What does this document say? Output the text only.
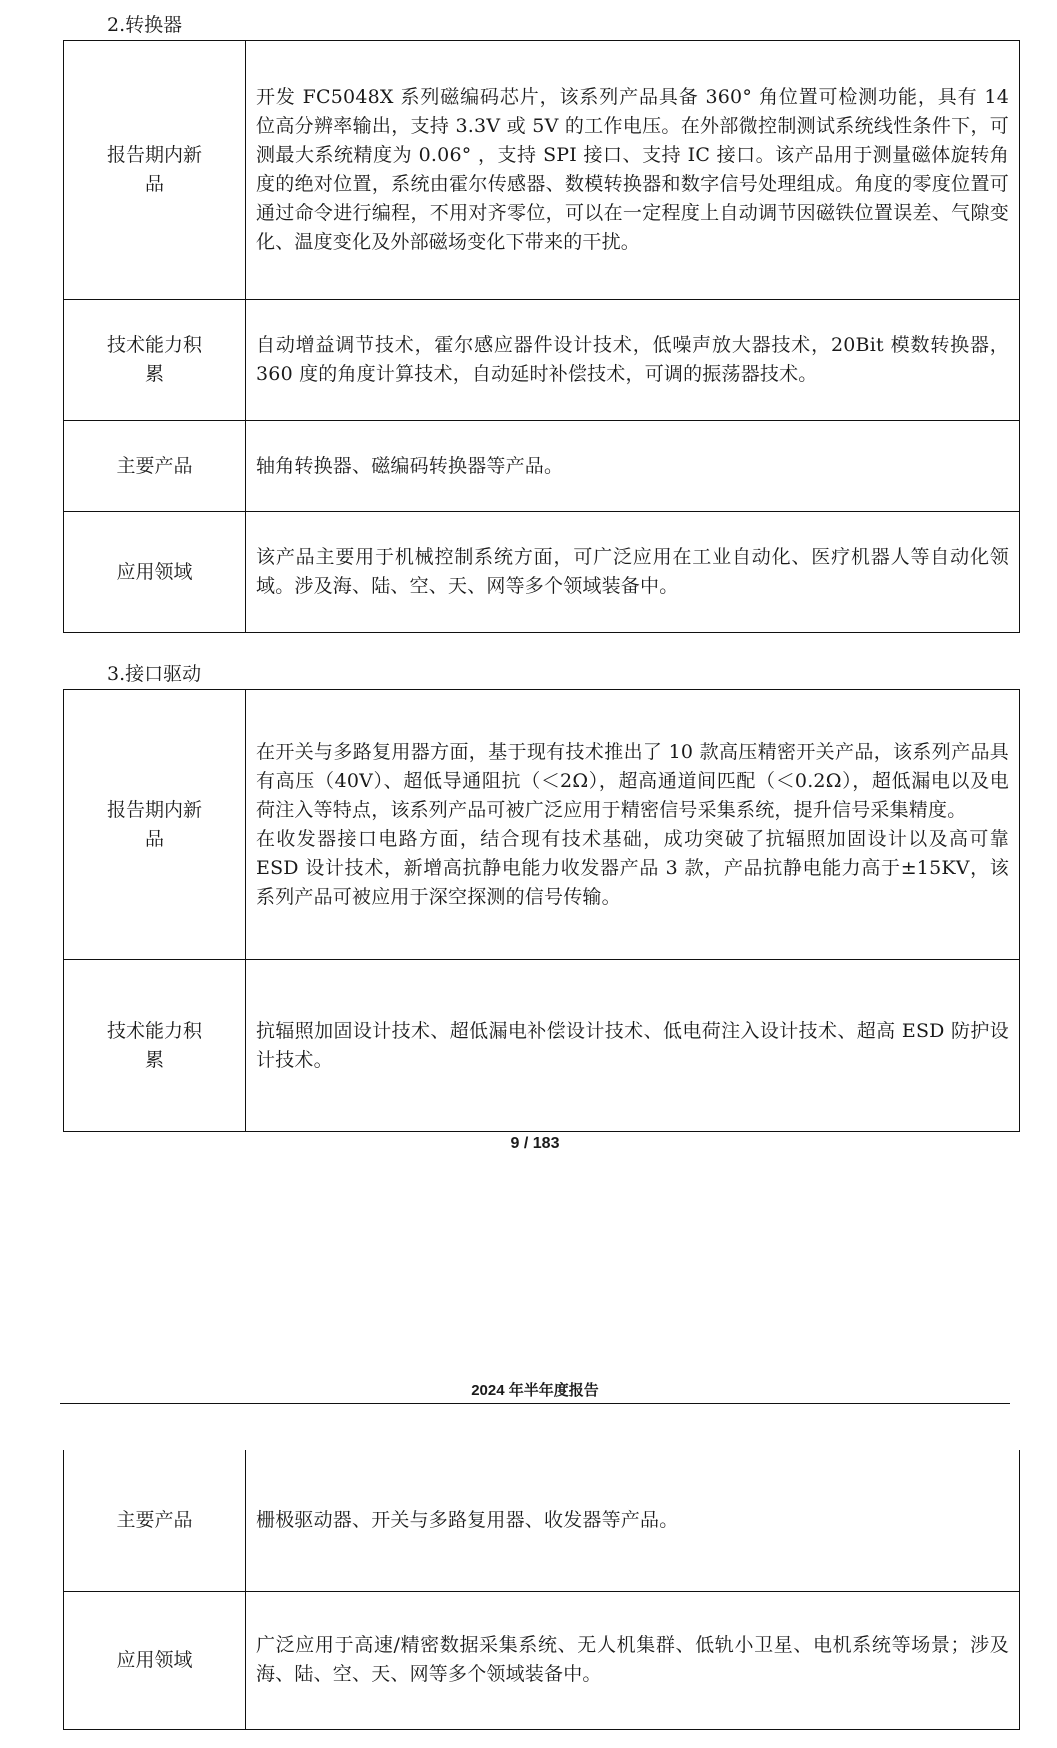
2.转换器
报告期内新品	开发 FC5048X 系列磁编码芯片，该系列产品具备 360° 角位置可检测功能，具有 14 位高分辨率输出，支持 3.3V 或 5V 的工作电压。在外部微控制测试系统线性条件下，可测最大系统精度为 0.06° ，支持 SPI 接口、支持 IC 接口。该产品用于测量磁体旋转角度的绝对位置，系统由霍尔传感器、数模转换器和数字信号处理组成。角度的零度位置可通过命令进行编程，不用对齐零位，可以在一定程度上自动调节因磁铁位置误差、气隙变化、温度变化及外部磁场变化下带来的干扰。

技术能力积累	自动增益调节技术，霍尔感应器件设计技术，低噪声放大器技术，20Bit 模数转换器，360 度的角度计算技术，自动延时补偿技术，可调的振荡器技术。

主要产品	轴角转换器、磁编码转换器等产品。

应用领域	该产品主要用于机械控制系统方面，可广泛应用在工业自动化、医疗机器人等自动化领域。涉及海、陆、空、天、网等多个领域装备中。
3.接口驱动
报告期内新品	在开关与多路复用器方面，基于现有技术推出了 10 款高压精密开关产品，该系列产品具有高压（40V）、超低导通阻抗（＜2Ω），超高通道间匹配（＜0.2Ω），超低漏电以及电荷注入等特点，该系列产品可被广泛应用于精密信号采集系统，提升信号采集精度。
在收发器接口电路方面，结合现有技术基础，成功突破了抗辐照加固设计以及高可靠 ESD 设计技术，新增高抗静电能力收发器产品 3 款，产品抗静电能力高于±15KV，该系列产品可被应用于深空探测的信号传输。

技术能力积累	抗辐照加固设计技术、超低漏电补偿设计技术、低电荷注入设计技术、超高 ESD 防护设计技术。
9 / 183
2024 年半年度报告
主要产品	栅极驱动器、开关与多路复用器、收发器等产品。

应用领域	广泛应用于高速/精密数据采集系统、无人机集群、低轨小卫星、电机系统等场景；涉及海、陆、空、天、网等多个领域装备中。
